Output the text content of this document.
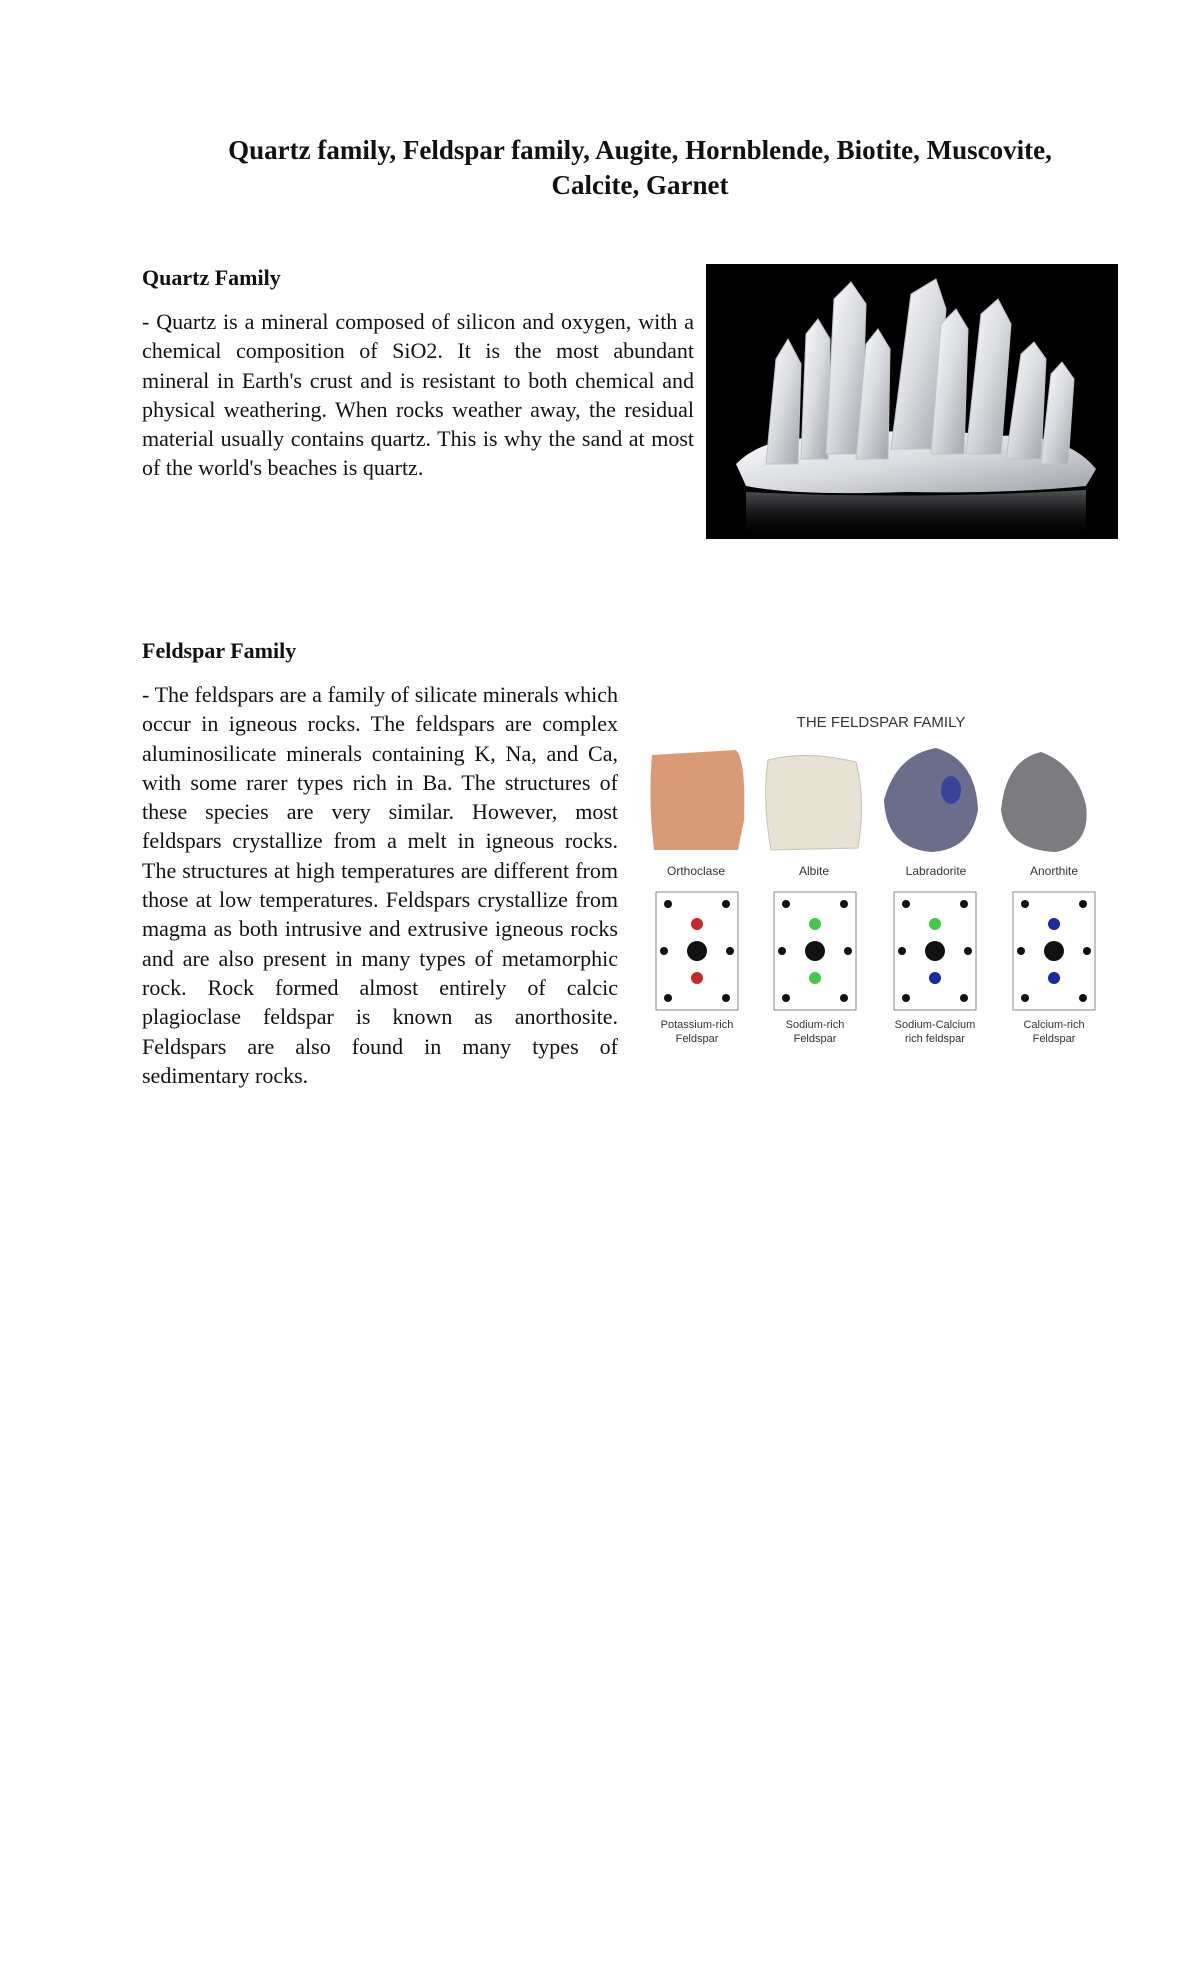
Quartz family, Feldspar family, Augite, Hornblende, Biotite, Muscovite, Calcite, Garnet
Quartz Family

- Quartz is a mineral composed of silicon and oxygen, with a chemical composition of SiO2. It is the most abundant mineral in Earth's crust and is resistant to both chemical and physical weathering. When rocks weather away, the residual material usually contains quartz. This is why the sand at most of the world's beaches is quartz.

Feldspar Family

- The feldspars are a family of silicate minerals which occur in igneous rocks. The feldspars are complex aluminosilicate minerals containing K, Na, and Ca, with some rarer types rich in Ba. The structures of these species are very similar. However, most feldspars crystallize from a melt in igneous rocks. The structures at high temperatures are different from those at low temperatures. Feldspars crystallize from magma as both intrusive and extrusive igneous rocks and are also present in many types of metamorphic rock. Rock formed almost entirely of calcic plagioclase feldspar is known as anorthosite. Feldspars are also found in many types of sedimentary rocks.

THE FELDSPAR FAMILY
Orthoclase	Albite	Labradorite	Anorthite
Potassium-rich
Feldspar
Sodium-rich
Feldspar
Sodium-Calcium
rich feldspar
Calcium-rich
Feldspar
